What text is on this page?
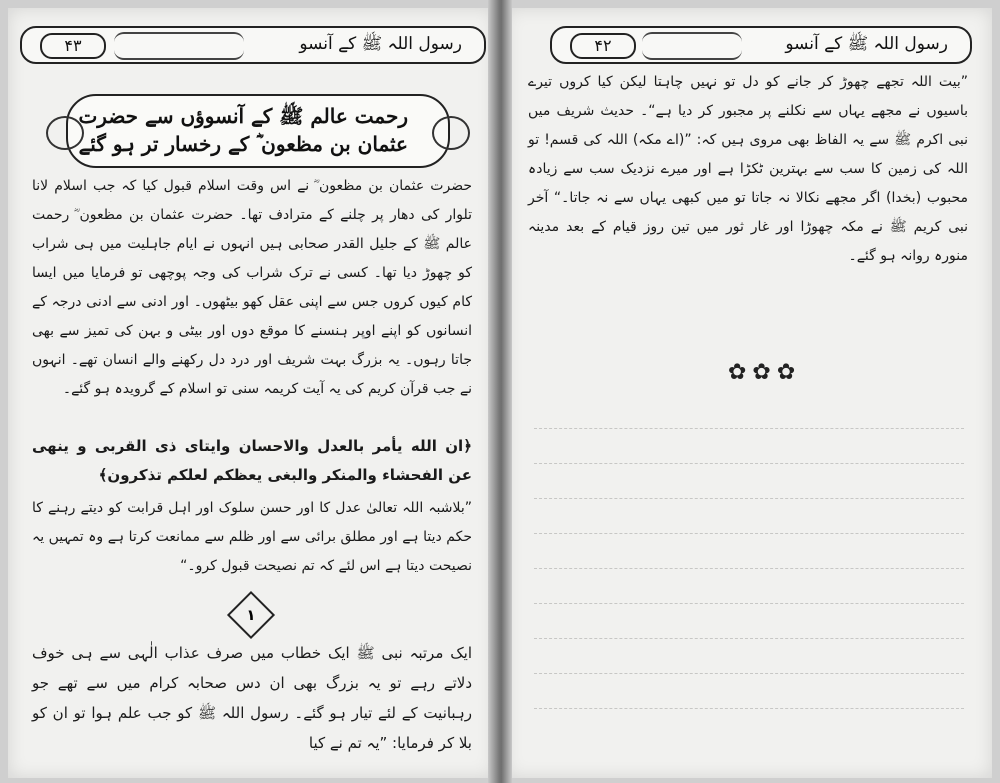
۴۳	رسول اللہ ﷺ کے آنسو
رحمت عالم ﷺ کے آنسوؤں سے حضرت
عثمان بن مظعون ؓ کے رخسار تر ہو گئے
حضرت عثمان بن مظعون ؓ نے اس وقت اسلام قبول کیا کہ جب اسلام لانا تلوار کی دھار پر چلنے کے مترادف تھا۔ حضرت عثمان بن مظعون ؓ رحمت عالم ﷺ کے جلیل القدر صحابی ہیں انہوں نے ایام جاہلیت میں ہی شراب کو چھوڑ دیا تھا۔ کسی نے ترک شراب کی وجہ پوچھی تو فرمایا میں ایسا کام کیوں کروں جس سے اپنی عقل کھو بیٹھوں۔ اور ادنی سے ادنی درجہ کے انسانوں کو اپنے اوپر ہنسنے کا موقع دوں اور بیٹی و بہن کی تمیز سے بھی جاتا رہوں۔ یہ بزرگ بہت شریف اور درد دل رکھنے والے انسان تھے۔ انہوں نے جب قرآن کریم کی یہ آیت کریمہ سنی تو اسلام کے گرویدہ ہو گئے۔
﴿ان الله يأمر بالعدل والاحسان وايتاى ذى القربى و ينهى عن الفحشاء والمنكر والبغى يعظكم لعلكم تذكرون﴾
”بلاشبہ اللہ تعالیٰ عدل کا اور حسن سلوک اور اہل قرابت کو دیتے رہنے کا حکم دیتا ہے اور مطلق برائی سے اور ظلم سے ممانعت کرتا ہے وہ تمہیں یہ نصیحت دیتا ہے اس لئے کہ تم نصیحت قبول کرو۔“
١
ایک مرتبہ نبی ﷺ ایک خطاب میں صرف عذاب الٰہی سے ہی خوف دلاتے رہے تو یہ بزرگ بھی ان دس صحابہ کرام میں سے تھے جو رہبانیت کے لئے تیار ہو گئے۔ رسول اللہ ﷺ کو جب علم ہوا تو ان کو بلا کر فرمایا: ”یہ تم نے کیا
۴۲	رسول اللہ ﷺ کے آنسو
”بیت اللہ تجھے چھوڑ کر جانے کو دل تو نہیں چاہتا لیکن کیا کروں تیرے باسیوں نے مجھے یہاں سے نکلنے پر مجبور کر دیا ہے“۔ حدیث شریف میں نبی اکرم ﷺ سے یہ الفاظ بھی مروی ہیں کہ: ”(اے مکہ) اللہ کی قسم! تو اللہ کی زمین کا سب سے بہترین ٹکڑا ہے اور میرے نزدیک سب سے زیادہ محبوب (بخدا) اگر مجھے نکالا نہ جاتا تو میں کبھی یہاں سے نہ جاتا۔“ آخر نبی کریم ﷺ نے مکہ چھوڑا اور غار ثور میں تین روز قیام کے بعد مدینہ منورہ روانہ ہو گئے۔
✿✿✿
